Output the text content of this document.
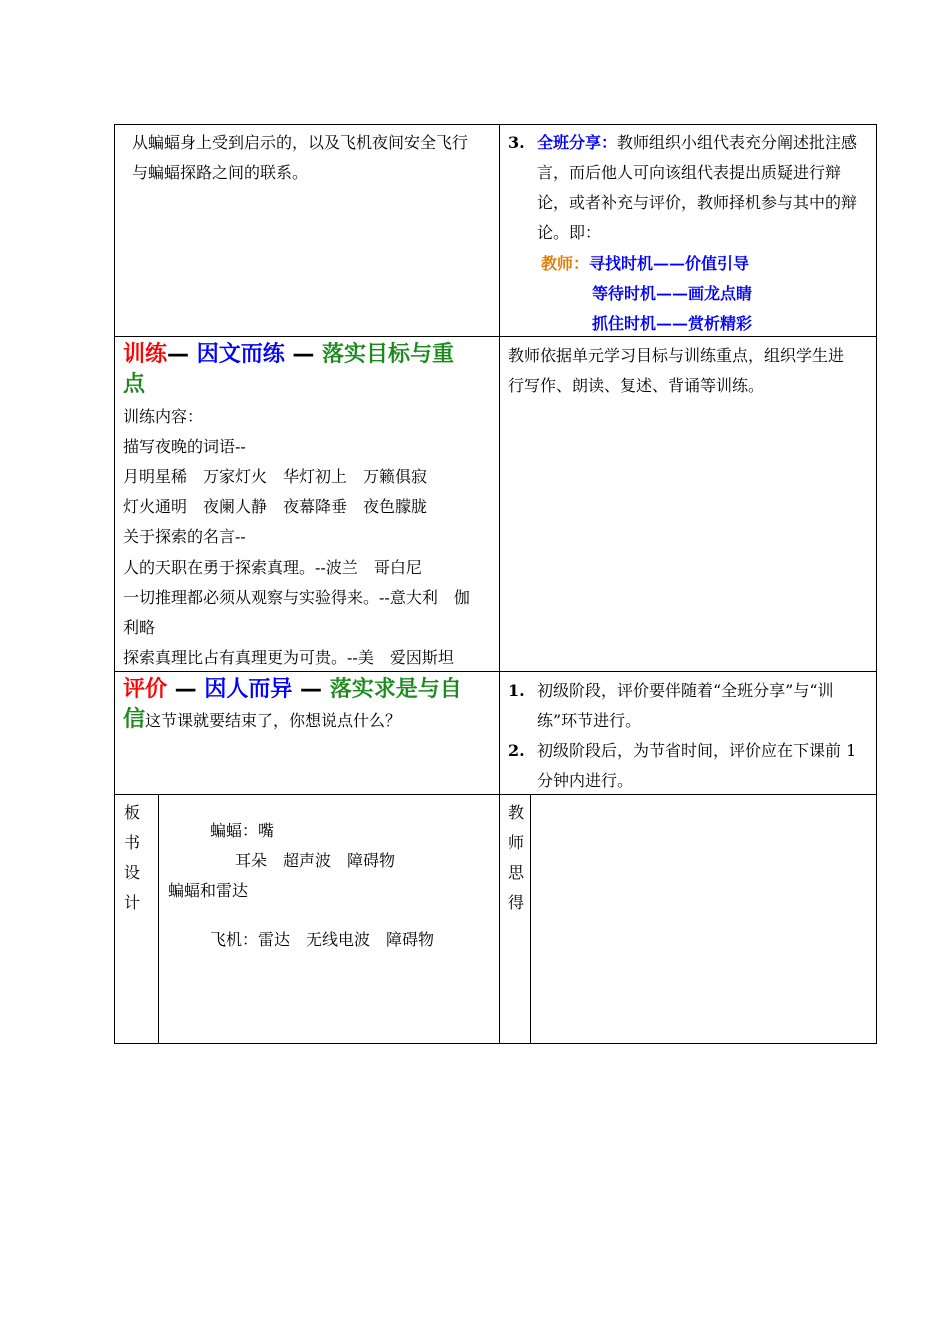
从蝙蝠身上受到启示的，以及飞机夜间安全飞行
与蝙蝠探路之间的联系。
3. 全班分享：教师组织小组代表充分阐述批注感
言，而后他人可向该组代表提出质疑进行辩
论，或者补充与评价，教师择机参与其中的辩
论。即：
教师：寻找时机——价值引导
等待时机——画龙点睛
抓住时机——赏析精彩
训练— 因文而练 — 落实目标与重
点
训练内容：
描写夜晚的词语--
月明星稀　万家灯火　华灯初上　万籁俱寂
灯火通明　夜阑人静　夜幕降垂　夜色朦胧
关于探索的名言--
人的天职在勇于探索真理。--波兰　哥白尼
一切推理都必须从观察与实验得来。--意大利　伽
利略
探索真理比占有真理更为可贵。--美　爱因斯坦
教师依据单元学习目标与训练重点，组织学生进
行写作、朗读、复述、背诵等训练。
评价 — 因人而异 — 落实求是与自
信这节课就要结束了，你想说点什么？
1. 初级阶段，评价要伴随着“全班分享”与“训
练”环节进行。
2. 初级阶段后，为节省时间，评价应在下课前 1
分钟内进行。
板
书
设
计
蝙蝠：嘴
耳朵　超声波　障碍物
蝙蝠和雷达
飞机：雷达　无线电波　障碍物
教
师
思
得
